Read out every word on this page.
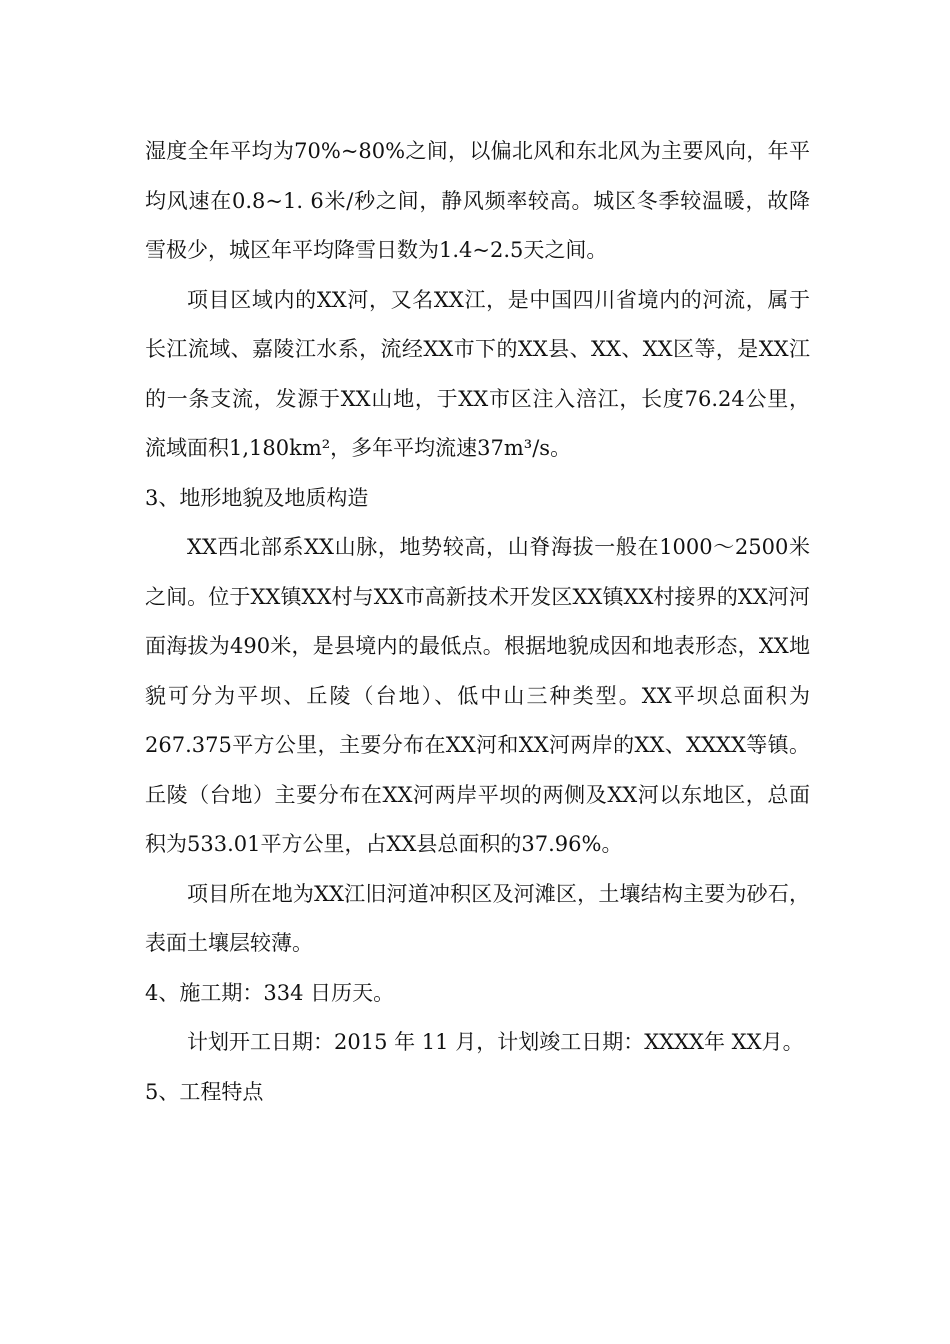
湿度全年平均为70%~80%之间，以偏北风和东北风为主要风向，年平均风速在0.8~1. 6米/秒之间，静风频率较高。城区冬季较温暖，故降雪极少，城区年平均降雪日数为1.4~2.5天之间。

项目区域内的XX河，又名XX江，是中国四川省境内的河流，属于长江流域、嘉陵江水系，流经XX市下的XX县、XX、XX区等，是XX江的一条支流，发源于XX山地，于XX市区注入涪江，长度76.24公里，流域面积1,180km²，多年平均流速37m³/s。

3、地形地貌及地质构造

XX西北部系XX山脉，地势较高，山脊海拔一般在1000～2500米之间。位于XX镇XX村与XX市高新技术开发区XX镇XX村接界的XX河河面海拔为490米，是县境内的最低点。根据地貌成因和地表形态，XX地貌可分为平坝、丘陵（台地）、低中山三种类型。XX平坝总面积为267.375平方公里，主要分布在XX河和XX河两岸的XX、XXXX等镇。丘陵（台地）主要分布在XX河两岸平坝的两侧及XX河以东地区，总面积为533.01平方公里，占XX县总面积的37.96%。

项目所在地为XX江旧河道冲积区及河滩区，土壤结构主要为砂石，表面土壤层较薄。

4、施工期：334 日历天。

计划开工日期：2015 年 11 月，计划竣工日期：XXXX年 XX月。

5、工程特点
